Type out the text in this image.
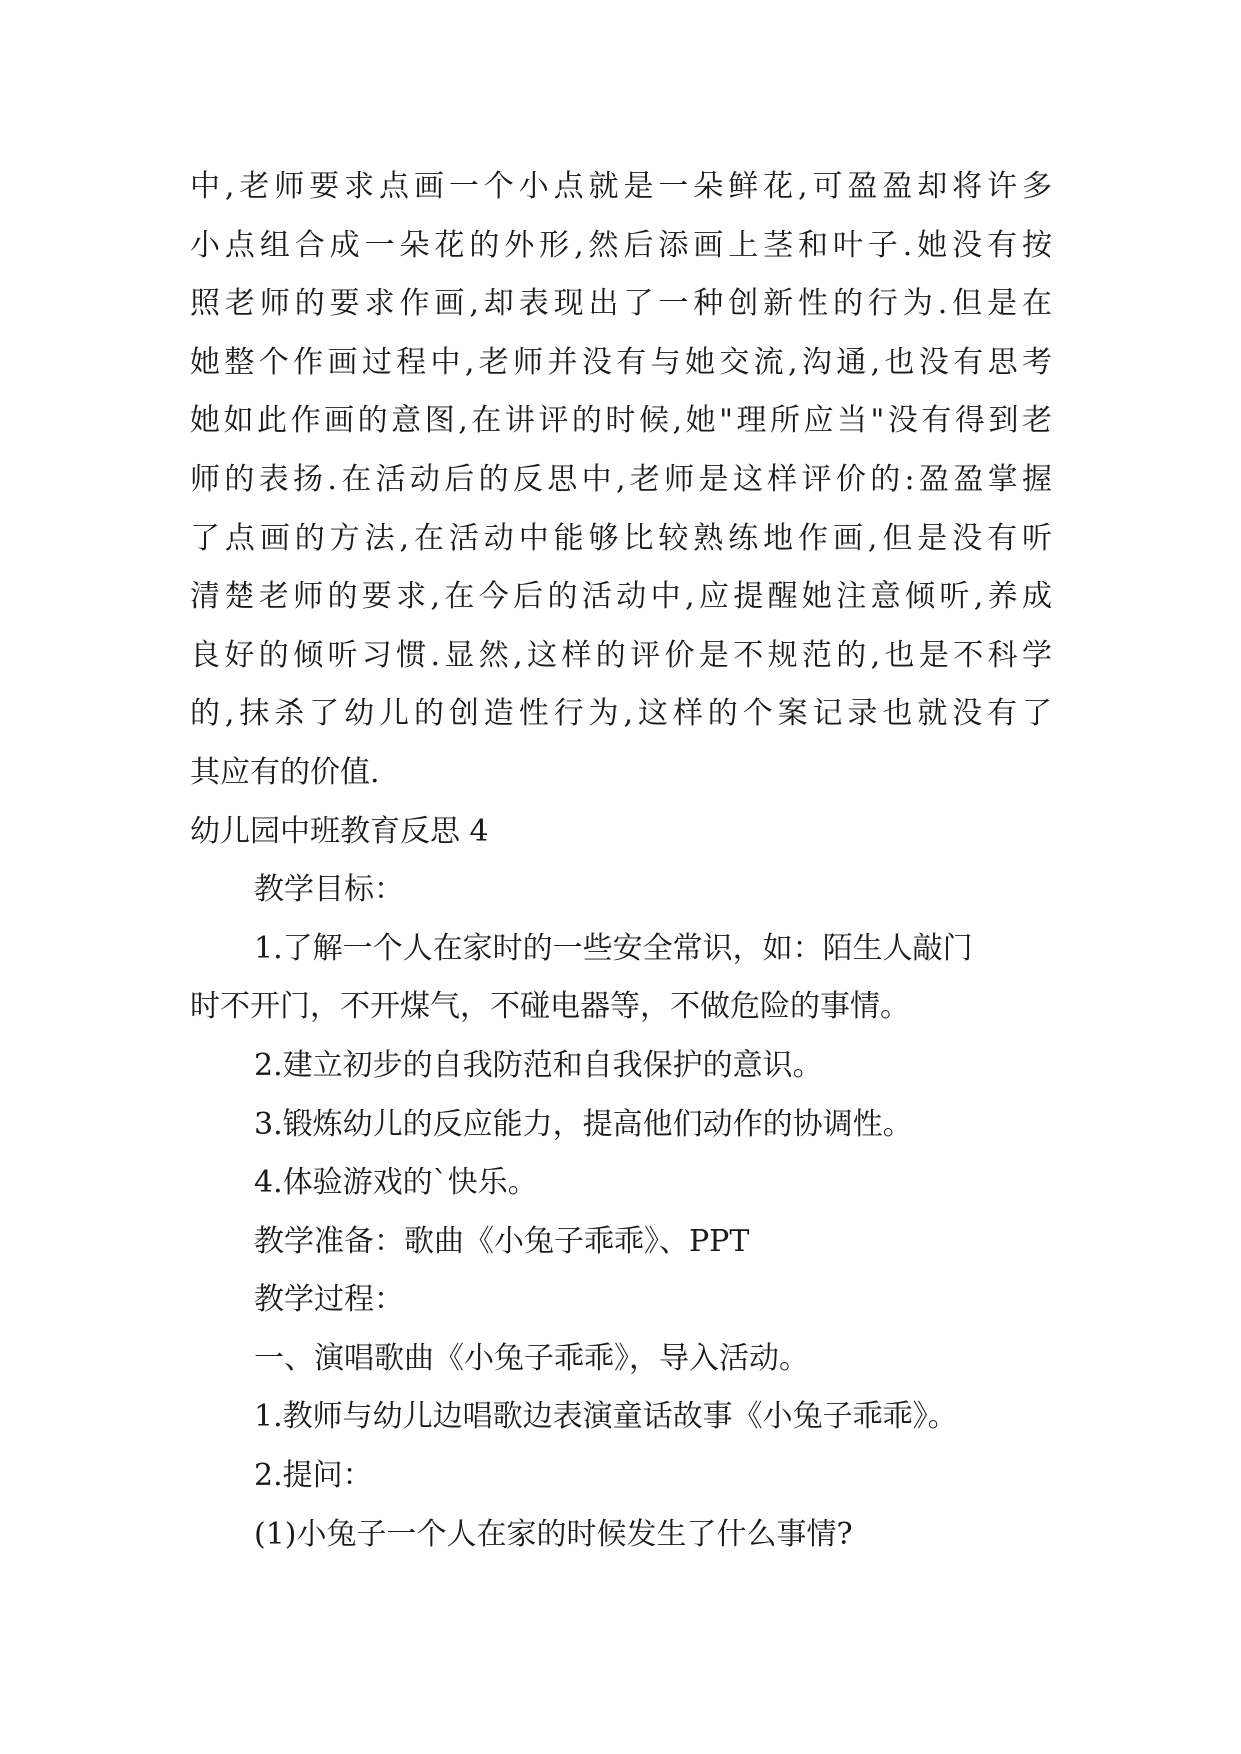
中,老师要求点画一个小点就是一朵鲜花,可盈盈却将许多
小点组合成一朵花的外形,然后添画上茎和叶子.她没有按
照老师的要求作画,却表现出了一种创新性的行为.但是在
她整个作画过程中,老师并没有与她交流,沟通,也没有思考
她如此作画的意图,在讲评的时候,她"理所应当"没有得到老
师的表扬.在活动后的反思中,老师是这样评价的:盈盈掌握
了点画的方法,在活动中能够比较熟练地作画,但是没有听
清楚老师的要求,在今后的活动中,应提醒她注意倾听,养成
良好的倾听习惯.显然,这样的评价是不规范的,也是不科学
的,抹杀了幼儿的创造性行为,这样的个案记录也就没有了
其应有的价值.
幼儿园中班教育反思 4
教学目标：
1.了解一个人在家时的一些安全常识，如：陌生人敲门
时不开门，不开煤气，不碰电器等，不做危险的事情。
2.建立初步的自我防范和自我保护的意识。
3.锻炼幼儿的反应能力，提高他们动作的协调性。
4.体验游戏的`快乐。
教学准备：歌曲《小兔子乖乖》、PPT
教学过程：
一、演唱歌曲《小兔子乖乖》，导入活动。
1.教师与幼儿边唱歌边表演童话故事《小兔子乖乖》。
2.提问：
(1)小兔子一个人在家的时候发生了什么事情?
